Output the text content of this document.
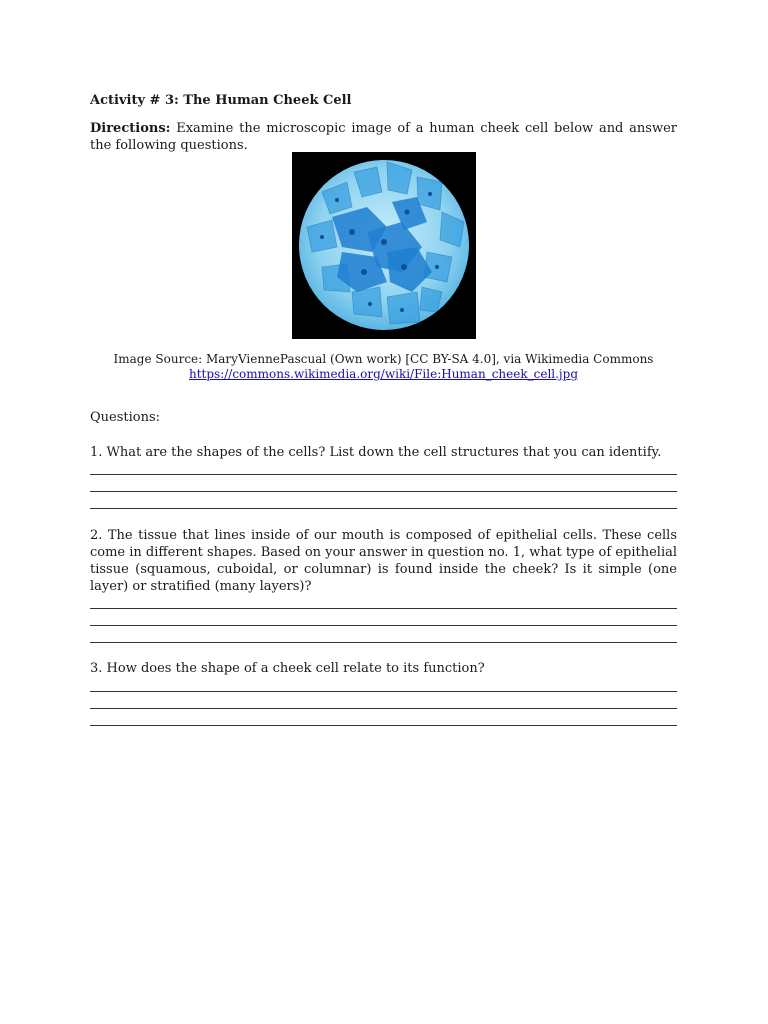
Activity # 3: The Human Cheek Cell
Directions: Examine the microscopic image of a human cheek cell below and answer the following questions.
Image Source: MaryViennePascual (Own work) [CC BY-SA 4.0], via Wikimedia Commons
https://commons.wikimedia.org/wiki/File:Human_cheek_cell.jpg
Questions:
1. What are the shapes of the cells? List down the cell structures that you can identify.
2. The tissue that lines inside of our mouth is composed of epithelial cells. These cells come in different shapes. Based on your answer in question no. 1, what type of epithelial tissue (squamous, cuboidal, or columnar) is found inside the cheek? Is it simple (one layer) or stratified (many layers)?
3. How does the shape of a cheek cell relate to its function?
